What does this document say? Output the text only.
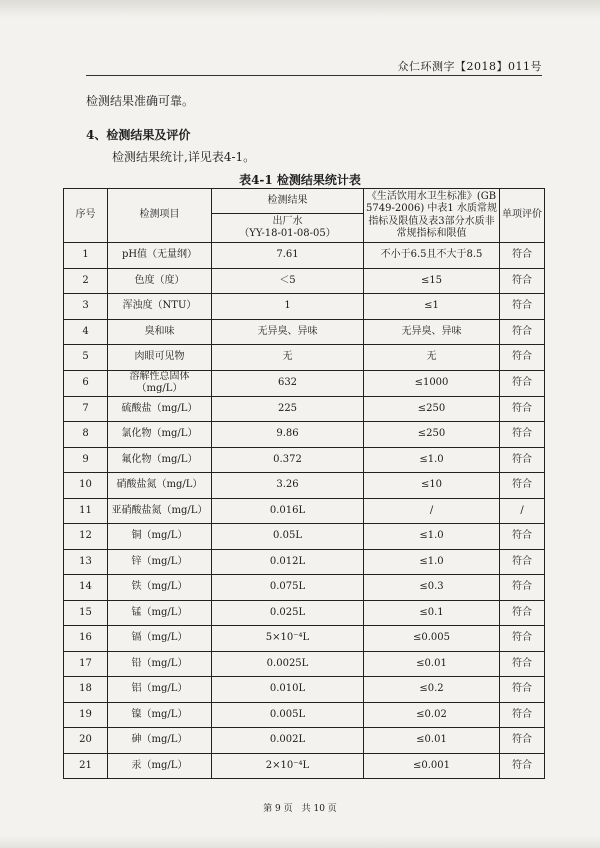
众仁环测字【2018】011号
检测结果准确可靠。
4、检测结果及评价
检测结果统计,详见表4-1。
表4-1 检测结果统计表
序号	检测项目	检测结果	《生活饮用水卫生标准》(GB 5749-2006) 中表1 水质常规指标及限值及表3部分水质非常规指标和限值	单项评价

		出厂水
（YY-18-01-08-05）		

1	pH值（无量纲）	7.61	不小于6.5且不大于8.5	符合
2	色度（度）	＜5	≤15	符合
3	浑浊度（NTU）	1	≤1	符合
4	臭和味	无异臭、异味	无异臭、异味	符合
5	肉眼可见物	无	无	符合
6	溶解性总固体（mg/L）	632	≤1000	符合
7	硫酸盐（mg/L）	225	≤250	符合
8	氯化物（mg/L）	9.86	≤250	符合
9	氟化物（mg/L）	0.372	≤1.0	符合
10	硝酸盐氮（mg/L）	3.26	≤10	符合
11	亚硝酸盐氮（mg/L）	0.016L	/	/
12	铜（mg/L）	0.05L	≤1.0	符合
13	锌（mg/L）	0.012L	≤1.0	符合
14	铁（mg/L）	0.075L	≤0.3	符合
15	锰（mg/L）	0.025L	≤0.1	符合
16	镉（mg/L）	5×10⁻⁴L	≤0.005	符合
17	铅（mg/L）	0.0025L	≤0.01	符合
18	铝（mg/L）	0.010L	≤0.2	符合
19	镍（mg/L）	0.005L	≤0.02	符合
20	砷（mg/L）	0.002L	≤0.01	符合
21	汞（mg/L）	2×10⁻⁴L	≤0.001	符合
第 9 页　共 10 页
